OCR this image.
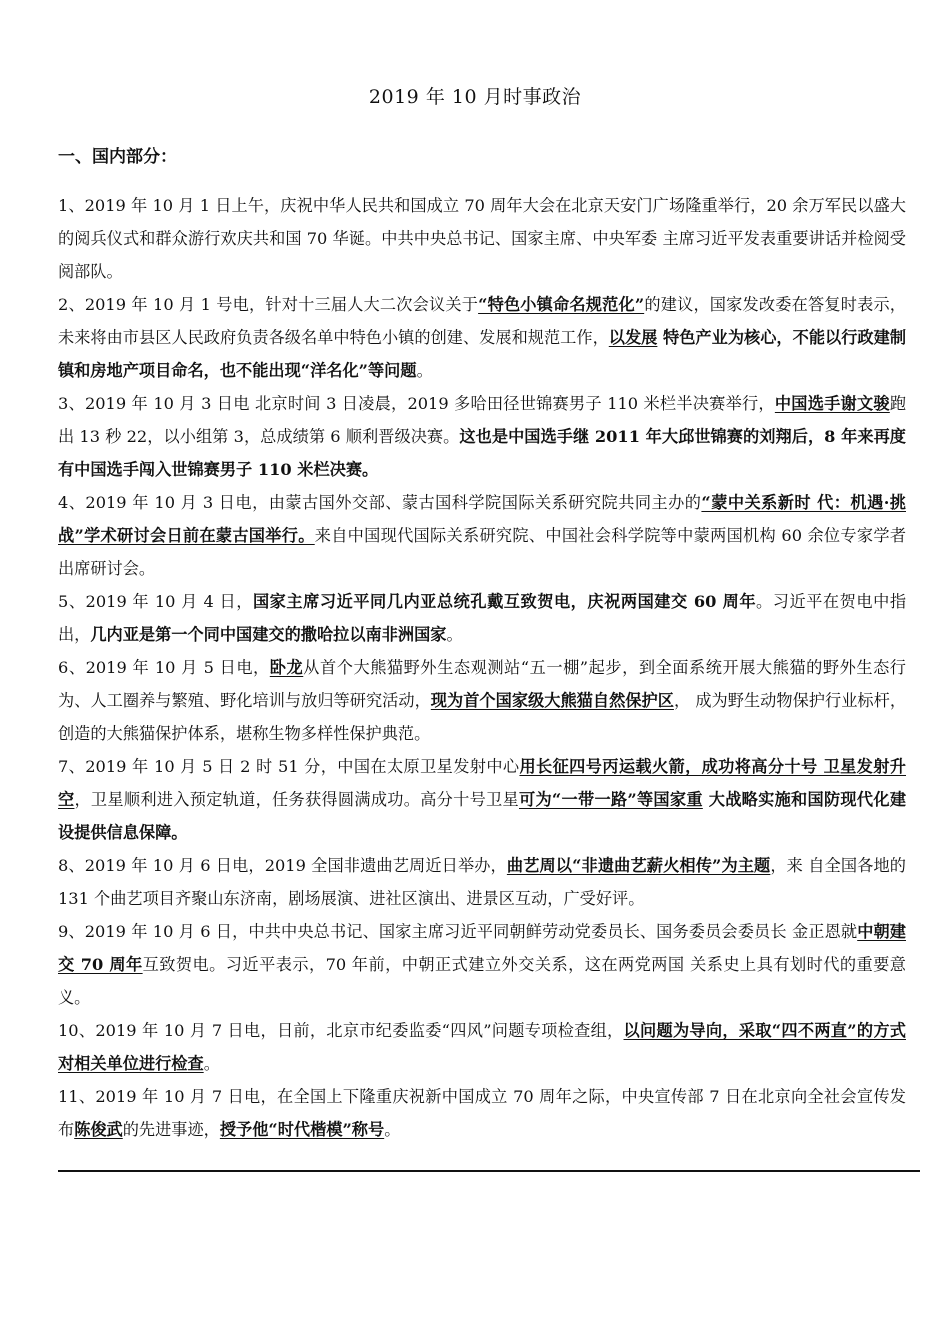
2019 年 10 月时事政治
一、国内部分：

1、2019 年 10 月 1 日上午，庆祝中华人民共和国成立 70 周年大会在北京天安门广场隆重举行，20 余万军民以盛大的阅兵仪式和群众游行欢庆共和国 70 华诞。中共中央总书记、国家主席、中央军委 主席习近平发表重要讲话并检阅受阅部队。

2、2019 年 10 月 1 号电，针对十三届人大二次会议关于“特色小镇命名规范化”的建议，国家发改委在答复时表示，未来将由市县区人民政府负责各级名单中特色小镇的创建、发展和规范工作，以发展 特色产业为核心，不能以行政建制镇和房地产项目命名，也不能出现“洋名化”等问题。

3、2019 年 10 月 3 日电 北京时间 3 日凌晨，2019 多哈田径世锦赛男子 110 米栏半决赛举行，中国选手谢文骏跑出 13 秒 22，以小组第 3，总成绩第 6 顺利晋级决赛。这也是中国选手继 2011 年大邱世锦赛的刘翔后，8 年来再度有中国选手闯入世锦赛男子 110 米栏决赛。

4、2019 年 10 月 3 日电，由蒙古国外交部、蒙古国科学院国际关系研究院共同主办的“蒙中关系新时 代：机遇·挑战”学术研讨会日前在蒙古国举行。来自中国现代国际关系研究院、中国社会科学院等中蒙两国机构 60 余位专家学者出席研讨会。

5、2019 年 10 月 4 日，国家主席习近平同几内亚总统孔戴互致贺电，庆祝两国建交 60 周年。习近平在贺电中指出，几内亚是第一个同中国建交的撒哈拉以南非洲国家。

6、2019 年 10 月 5 日电，卧龙从首个大熊猫野外生态观测站“五一棚”起步，到全面系统开展大熊猫的野外生态行为、人工圈养与繁殖、野化培训与放归等研究活动，现为首个国家级大熊猫自然保护区， 成为野生动物保护行业标杆，创造的大熊猫保护体系，堪称生物多样性保护典范。

7、2019 年 10 月 5 日 2 时 51 分，中国在太原卫星发射中心用长征四号丙运载火箭，成功将高分十号 卫星发射升空，卫星顺利进入预定轨道，任务获得圆满成功。高分十号卫星可为“一带一路”等国家重 大战略实施和国防现代化建设提供信息保障。

8、2019 年 10 月 6 日电，2019 全国非遗曲艺周近日举办，曲艺周以“非遗曲艺薪火相传”为主题，来 自全国各地的 131 个曲艺项目齐聚山东济南，剧场展演、进社区演出、进景区互动，广受好评。

9、2019 年 10 月 6 日，中共中央总书记、国家主席习近平同朝鲜劳动党委员长、国务委员会委员长 金正恩就中朝建交 70 周年互致贺电。习近平表示，70 年前，中朝正式建立外交关系，这在两党两国 关系史上具有划时代的重要意义。

10、2019 年 10 月 7 日电，日前，北京市纪委监委“四风”问题专项检查组，以问题为导向，采取“四不两直”的方式对相关单位进行检查。

11、2019 年 10 月 7 日电，在全国上下隆重庆祝新中国成立 70 周年之际，中央宣传部 7 日在北京向全社会宣传发布陈俊武的先进事迹，授予他“时代楷模”称号。
